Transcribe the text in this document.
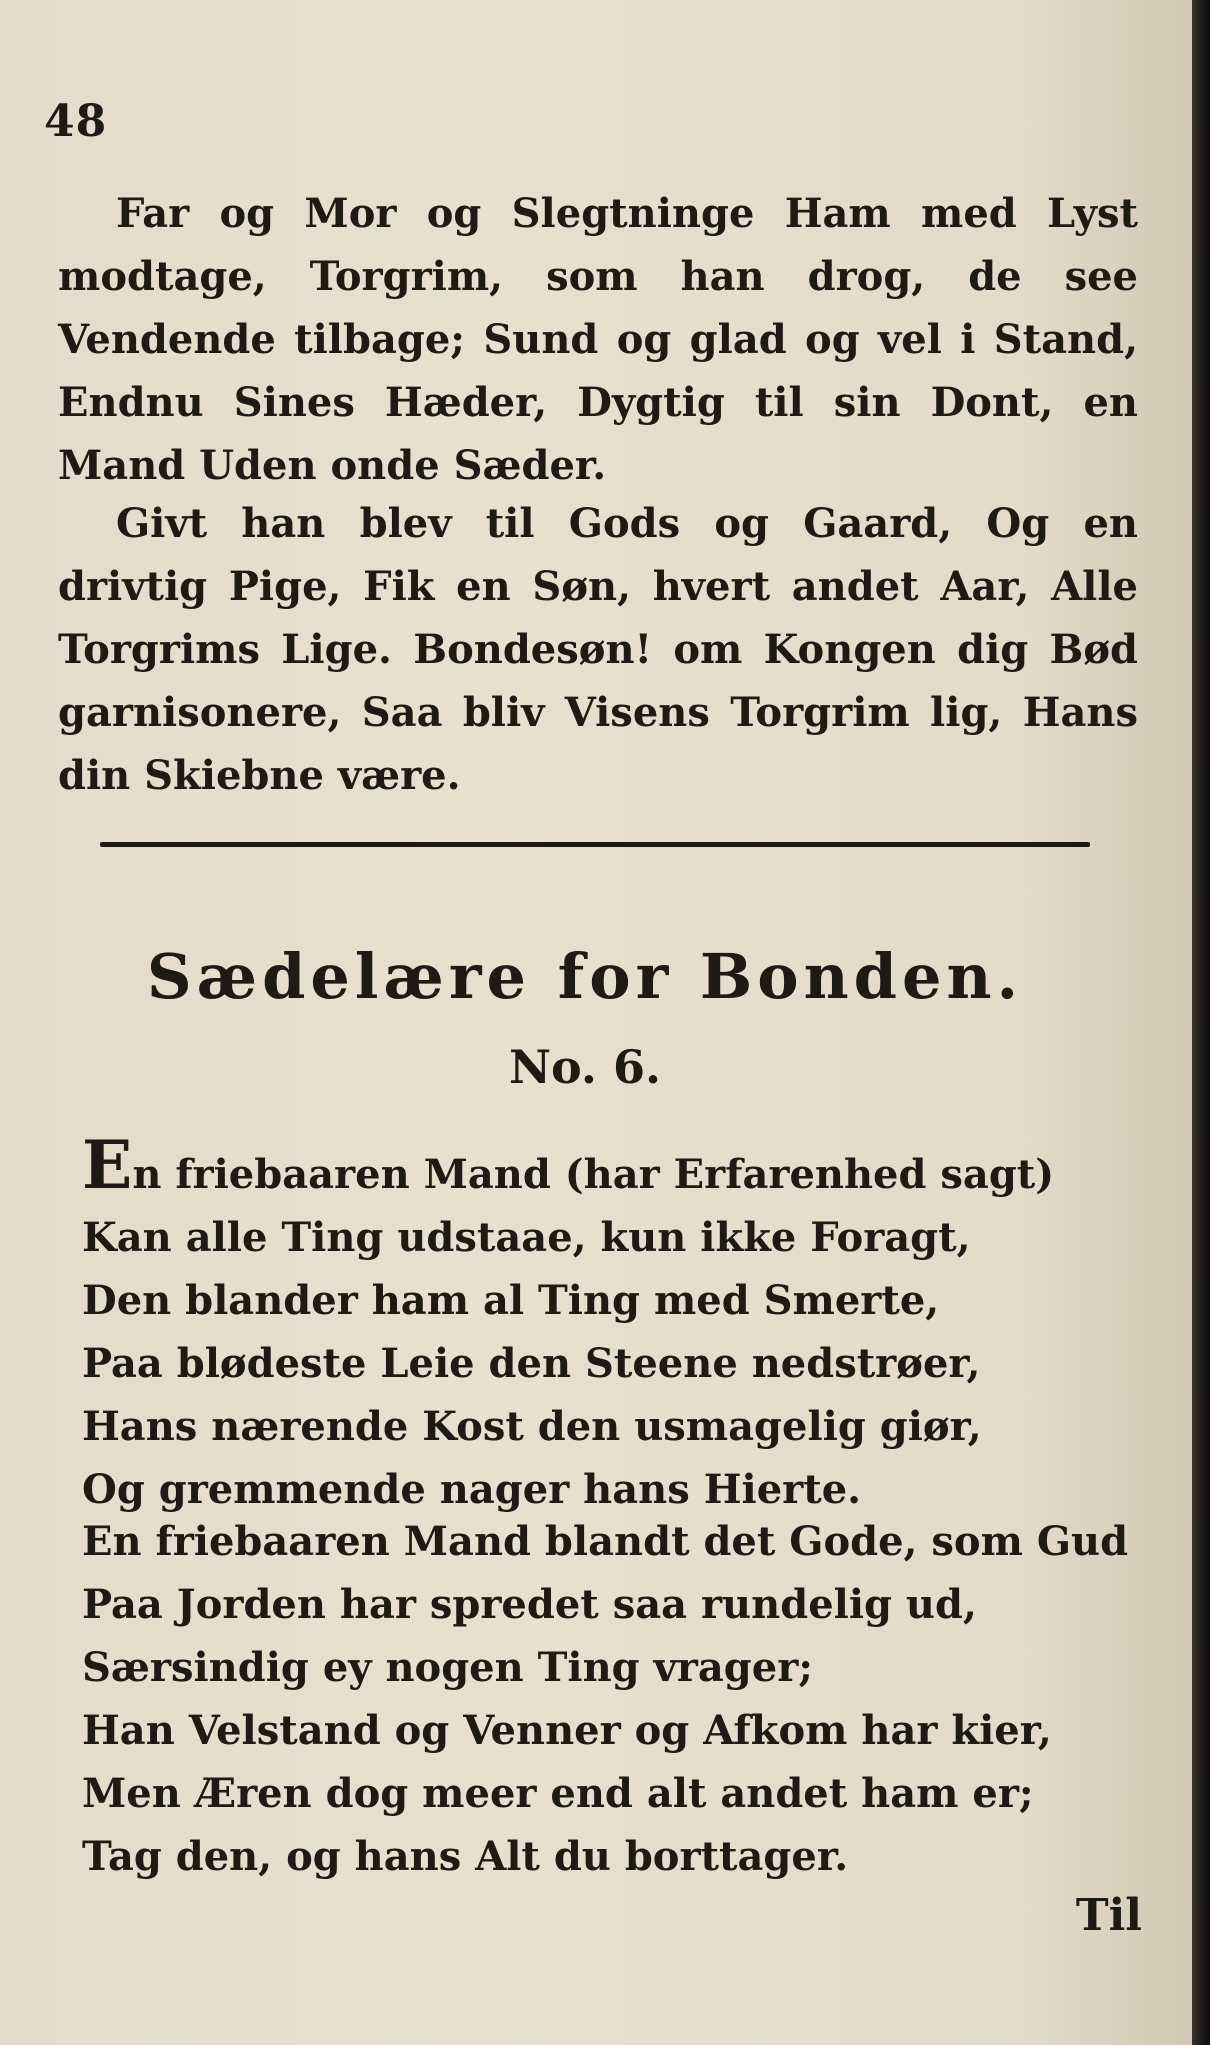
48

Far og Mor og Slegtninge Ham med Lyst modtage, Torgrim, som han drog, de see Vendende tilbage; Sund og glad og vel i Stand, Endnu Sines Hæder, Dygtig til sin Dont, en Mand Uden onde Sæder.

Givt han blev til Gods og Gaard, Og en drivtig Pige, Fik en Søn, hvert andet Aar, Alle Torgrims Lige. Bondesøn! om Kongen dig Bød garnisonere, Saa bliv Visens Torgrim lig, Hans din Skiebne være.

Sædelære for Bonden.
No. 6.
En friebaaren Mand (har Erfarenhed sagt)
Kan alle Ting udstaae, kun ikke Foragt,
Den blander ham al Ting med Smerte,
Paa blødeste Leie den Steene nedstrøer,
Hans nærende Kost den usmagelig giør,
Og gremmende nager hans Hierte.
En friebaaren Mand blandt det Gode, som Gud
Paa Jorden har spredet saa rundelig ud,
Særsindig ey nogen Ting vrager;
Han Velstand og Venner og Afkom har kier,
Men Æren dog meer end alt andet ham er;
Tag den, og hans Alt du borttager.
Til
